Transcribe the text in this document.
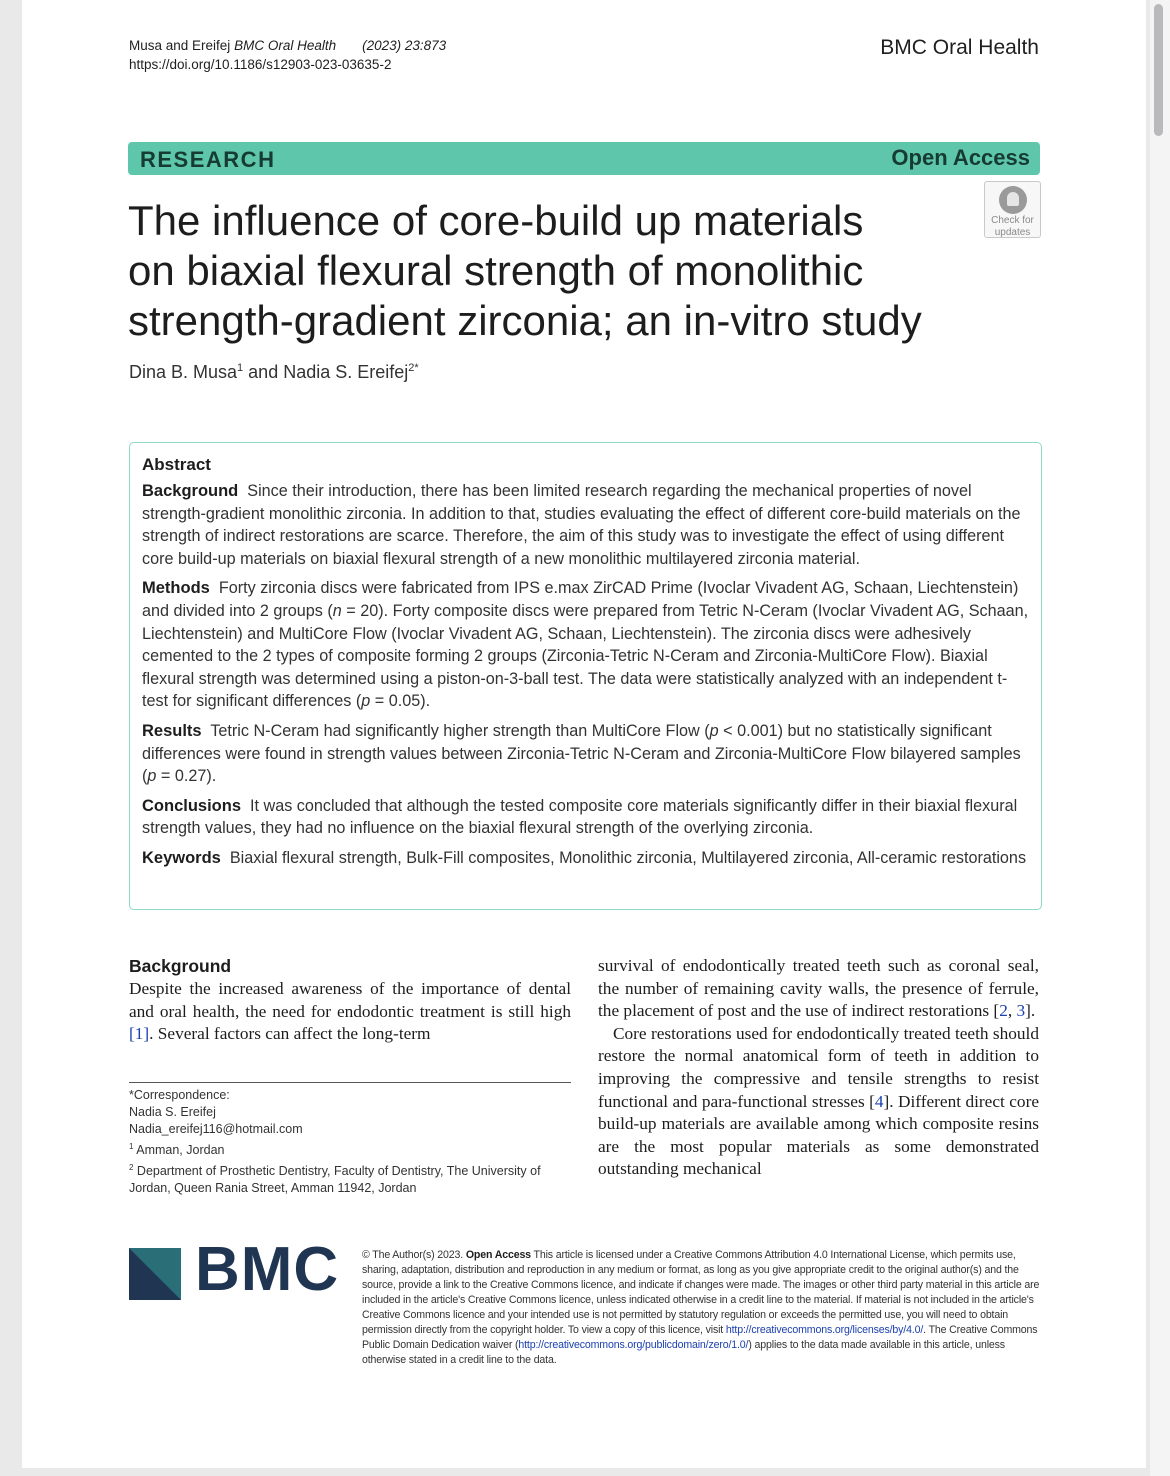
Musa and Ereifej BMC Oral Health (2023) 23:873
https://doi.org/10.1186/s12903-023-03635-2
BMC Oral Health
RESEARCH	Open Access
Check for
updates
The influence of core-build up materials
on biaxial flexural strength of monolithic
strength-gradient zirconia; an in-vitro study
Dina B. Musa$^1$ and Nadia S. Ereifej$^{2*}$
Abstract

Background Since their introduction, there has been limited research regarding the mechanical properties of novel strength-gradient monolithic zirconia. In addition to that, studies evaluating the effect of different core-build materials on the strength of indirect restorations are scarce. Therefore, the aim of this study was to investigate the effect of using different core build-up materials on biaxial flexural strength of a new monolithic multilayered zirconia material.

Methods Forty zirconia discs were fabricated from IPS e.max ZirCAD Prime (Ivoclar Vivadent AG, Schaan, Liechtenstein) and divided into 2 groups (n = 20). Forty composite discs were prepared from Tetric N-Ceram (Ivoclar Vivadent AG, Schaan, Liechtenstein) and MultiCore Flow (Ivoclar Vivadent AG, Schaan, Liechtenstein). The zirconia discs were adhesively cemented to the 2 types of composite forming 2 groups (Zirconia-Tetric N-Ceram and Zirconia-MultiCore Flow). Biaxial flexural strength was determined using a piston-on-3-ball test. The data were statistically analyzed with an independent t-test for significant differences (p = 0.05).

Results Tetric N-Ceram had significantly higher strength than MultiCore Flow (p < 0.001) but no statistically significant differences were found in strength values between Zirconia-Tetric N-Ceram and Zirconia-MultiCore Flow bilayered samples (p = 0.27).

Conclusions It was concluded that although the tested composite core materials significantly differ in their biaxial flexural strength values, they had no influence on the biaxial flexural strength of the overlying zirconia.

Keywords Biaxial flexural strength, Bulk-Fill composites, Monolithic zirconia, Multilayered zirconia, All-ceramic restorations

Background
Despite the increased awareness of the importance of dental and oral health, the need for endodontic treatment is still high [1]. Several factors can affect the long-term

survival of endodontically treated teeth such as coronal seal, the number of remaining cavity walls, the presence of ferrule, the placement of post and the use of indirect restorations [2, 3].

Core restorations used for endodontically treated teeth should restore the normal anatomical form of teeth in addition to improving the compressive and tensile strengths to resist functional and para-functional stresses [4]. Different direct core build-up materials are available among which composite resins are the most popular materials as some demonstrated outstanding mechanical

*Correspondence:
Nadia S. Ereifej
Nadia_ereifej116@hotmail.com
$^1$ Amman, Jordan
$^2$ Department of Prosthetic Dentistry, Faculty of Dentistry, The University of Jordan, Queen Rania Street, Amman 11942, Jordan
BMC © The Author(s) 2023. Open Access This article is licensed under a Creative Commons Attribution 4.0 International License, which permits use, sharing, adaptation, distribution and reproduction in any medium or format, as long as you give appropriate credit to the original author(s) and the source, provide a link to the Creative Commons licence, and indicate if changes were made. The images or other third party material in this article are included in the article's Creative Commons licence, unless indicated otherwise in a credit line to the material. If material is not included in the article's Creative Commons licence and your intended use is not permitted by statutory regulation or exceeds the permitted use, you will need to obtain permission directly from the copyright holder. To view a copy of this licence, visit http://creativecommons.org/licenses/by/4.0/. The Creative Commons Public Domain Dedication waiver (http://creativecommons.org/publicdomain/zero/1.0/) applies to the data made available in this article, unless otherwise stated in a credit line to the data.
